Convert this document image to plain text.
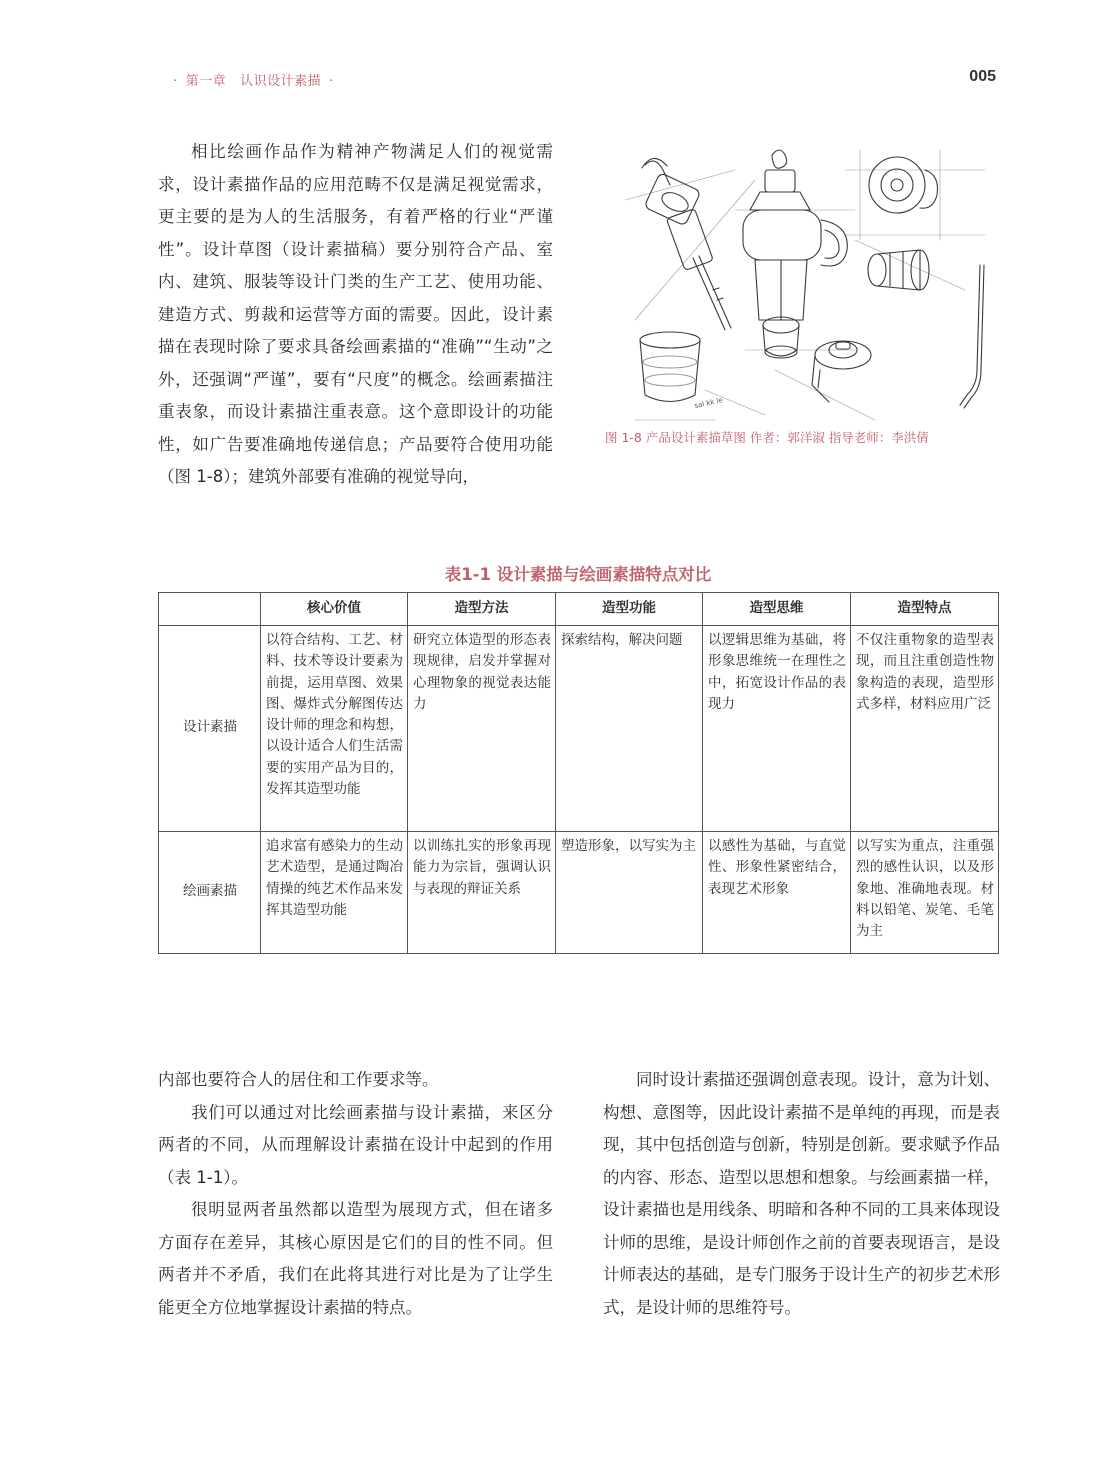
· 第一章 认识设计素描 ·	005

相比绘画作品作为精神产物满足人们的视觉需求，设计素描作品的应用范畴不仅是满足视觉需求，更主要的是为人的生活服务，有着严格的行业“严谨性”。设计草图（设计素描稿）要分别符合产品、室内、建筑、服装等设计门类的生产工艺、使用功能、建造方式、剪裁和运营等方面的需要。因此，设计素描在表现时除了要求具备绘画素描的“准确”“生动”之外，还强调“严谨”，要有“尺度”的概念。绘画素描注重表象，而设计素描注重表意。这个意即设计的功能性，如广告要准确地传递信息；产品要符合使用功能（图 1-8）；建筑外部要有准确的视觉导向，

sal kk le
图 1-8 产品设计素描草图 作者：郭洋淑 指导老师：李洪倩
表1-1 设计素描与绘画素描特点对比
	核心价值	造型方法	造型功能	造型思维	造型特点
设计素描	以符合结构、工艺、材料、技术等设计要素为前提，运用草图、效果图、爆炸式分解图传达设计师的理念和构想，以设计适合人们生活需要的实用产品为目的，发挥其造型功能	研究立体造型的形态表现规律，启发并掌握对心理物象的视觉表达能力	探索结构，解决问题	以逻辑思维为基础，将形象思维统一在理性之中，拓宽设计作品的表现力	不仅注重物象的造型表现，而且注重创造性物象构造的表现，造型形式多样，材料应用广泛
绘画素描	追求富有感染力的生动艺术造型，是通过陶冶情操的纯艺术作品来发挥其造型功能	以训练扎实的形象再现能力为宗旨，强调认识与表现的辩证关系	塑造形象，以写实为主	以感性为基础，与直觉性、形象性紧密结合，表现艺术形象	以写实为重点，注重强烈的感性认识，以及形象地、准确地表现。材料以铅笔、炭笔、毛笔为主

内部也要符合人的居住和工作要求等。

我们可以通过对比绘画素描与设计素描，来区分两者的不同，从而理解设计素描在设计中起到的作用（表 1-1）。

很明显两者虽然都以造型为展现方式，但在诸多方面存在差异，其核心原因是它们的目的性不同。但两者并不矛盾，我们在此将其进行对比是为了让学生能更全方位地掌握设计素描的特点。

同时设计素描还强调创意表现。设计，意为计划、构想、意图等，因此设计素描不是单纯的再现，而是表现，其中包括创造与创新，特别是创新。要求赋予作品的内容、形态、造型以思想和想象。与绘画素描一样，设计素描也是用线条、明暗和各种不同的工具来体现设计师的思维，是设计师创作之前的首要表现语言，是设计师表达的基础，是专门服务于设计生产的初步艺术形式，是设计师的思维符号。
